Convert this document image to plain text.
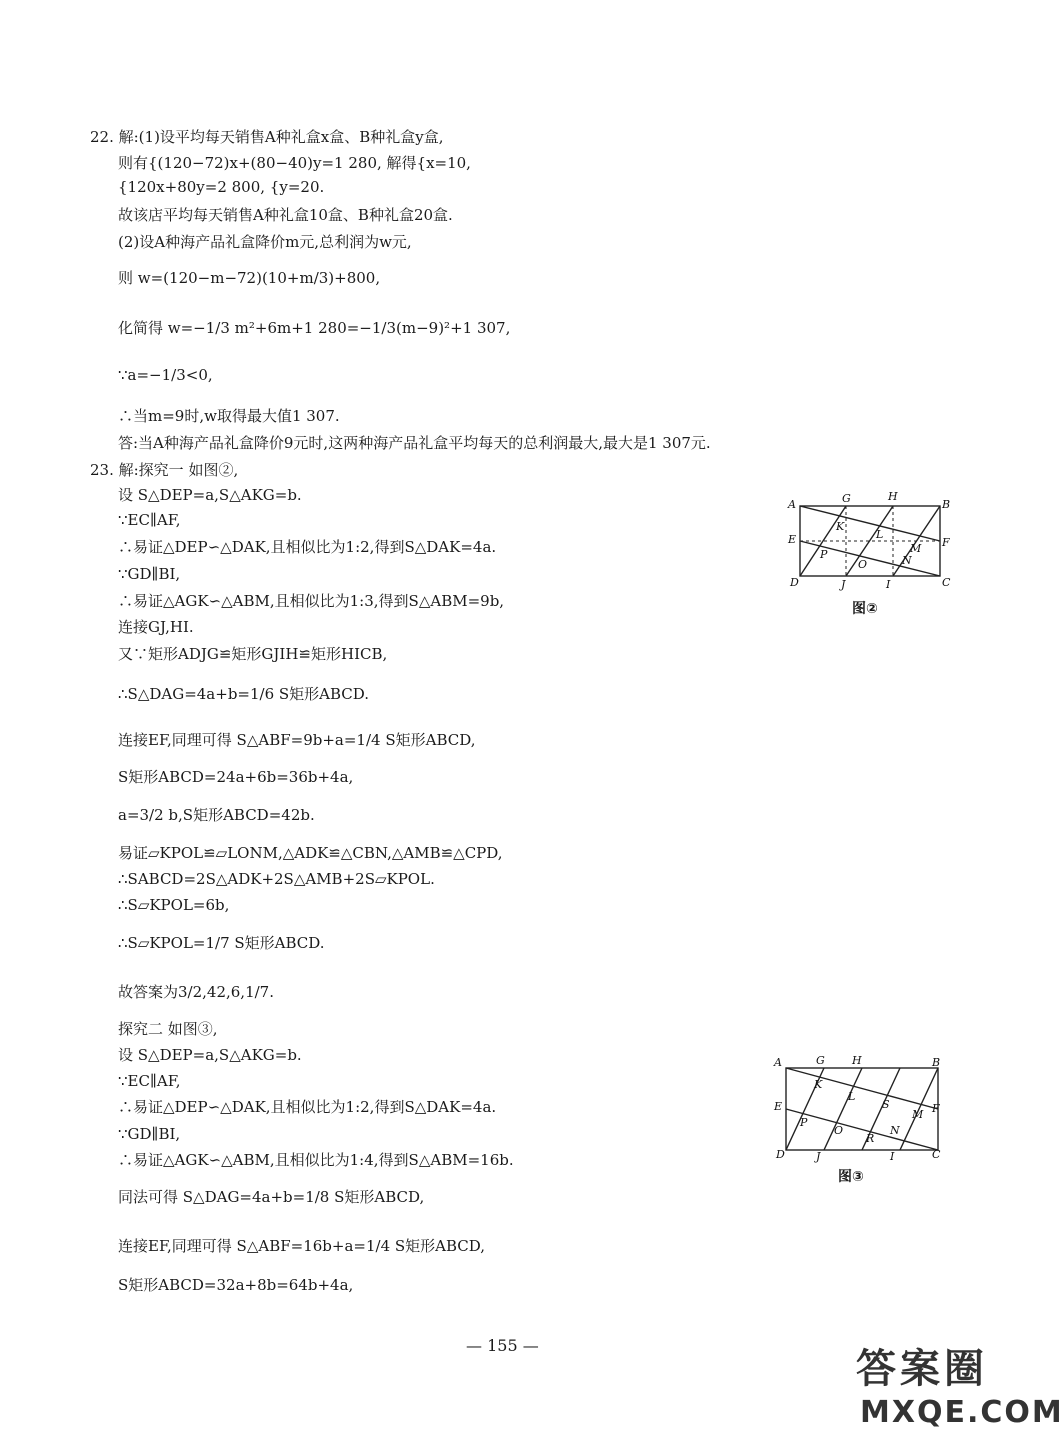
22. 解:(1)设平均每天销售A种礼盒x盒、B种礼盒y盒,
则有{(120−72)x+(80−40)y=1 280, 解得{x=10,
{120x+80y=2 800, {y=20.
故该店平均每天销售A种礼盒10盒、B种礼盒20盒.
(2)设A种海产品礼盒降价m元,总利润为w元,
则 w=(120−m−72)(10+m/3)+800,
化简得 w=−1/3 m²+6m+1 280=−1/3(m−9)²+1 307,
∵a=−1/3<0,
∴当m=9时,w取得最大值1 307.
答:当A种海产品礼盒降价9元时,这两种海产品礼盒平均每天的总利润最大,最大是1 307元.
23. 解:探究一 如图②,
设 S△DEP=a,S△AKG=b.
∵EC∥AF,
∴易证△DEP∽△DAK,且相似比为1:2,得到S△DAK=4a.
∵GD∥BI,
∴易证△AGK∽△ABM,且相似比为1:3,得到S△ABM=9b,
连接GJ,HI.
又∵矩形ADJG≌矩形GJIH≌矩形HICB,
∴S△DAG=4a+b=1/6 S矩形ABCD.
连接EF,同理可得 S△ABF=9b+a=1/4 S矩形ABCD,
S矩形ABCD=24a+6b=36b+4a,
a=3/2 b,S矩形ABCD=42b.
易证▱KPOL≌▱LONM,△ADK≌△CBN,△AMB≌△CPD,
∴SABCD=2S△ADK+2S△AMB+2S▱KPOL.
∴S▱KPOL=6b,
∴S▱KPOL=1/7 S矩形ABCD.
故答案为3/2,42,6,1/7.
探究二 如图③,
设 S△DEP=a,S△AKG=b.
∵EC∥AF,
∴易证△DEP∽△DAK,且相似比为1:2,得到S△DAK=4a.
∵GD∥BI,
∴易证△AGK∽△ABM,且相似比为1:4,得到S△ABM=16b.
同法可得 S△DAG=4a+b=1/8 S矩形ABCD,
连接EF,同理可得 S△ABF=16b+a=1/4 S矩形ABCD,
S矩形ABCD=32a+8b=64b+4a,
A	G	H
B
K
L
E	F
P
O
M
N
D	J	I	C
图②
A	G H	B
K
L
S
E	F
P
O
M
R
N
D	J	I	C
图③
— 155 —
答案圈
MXQE.COM
